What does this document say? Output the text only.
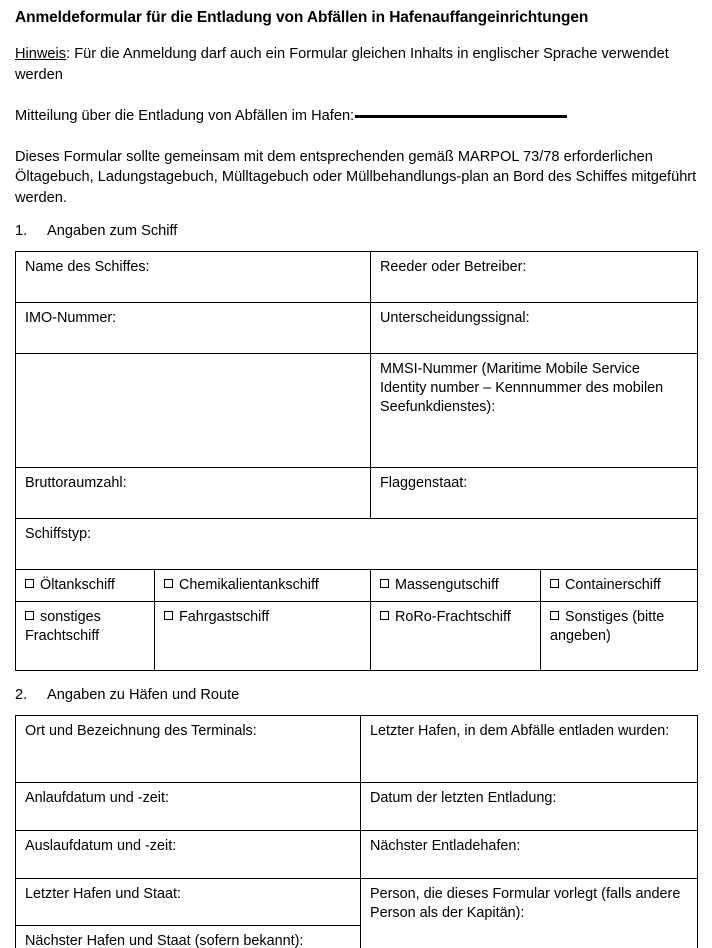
Anmeldeformular für die Entladung von Abfällen in Hafenauffangeinrichtungen

Hinweis: Für die Anmeldung darf auch ein Formular gleichen Inhalts in englischer Sprache verwendet werden

Mitteilung über die Entladung von Abfällen im Hafen:

Dieses Formular sollte gemeinsam mit dem entsprechenden gemäß MARPOL 73/78 erforderlichen Öltagebuch, Ladungstagebuch, Mülltagebuch oder Müllbehandlungs-plan an Bord des Schiffes mitgeführt werden.

1.	Angaben zum Schiff
Name des Schiffes:		Reeder oder Betreiber:	
IMO-Nummer:		Unterscheidungssignal:	
		MMSI-Nummer (Maritime Mobile Service Identity number – Kennnummer des mobilen Seefunkdienstes):	
Bruttoraumzahl:		Flaggenstaat:	
Schiffstyp:			
Öltankschiff	Chemikalientankschiff	Massengutschiff	Containerschiff
sonstiges Frachtschiff	Fahrgastschiff	RoRo-Frachtschiff	Sonstiges (bitte angeben)
2.	Angaben zu Häfen und Route
Ort und Bezeichnung des Terminals:	Letzter Hafen, in dem Abfälle entladen wurden:
Anlaufdatum und -zeit:	Datum der letzten Entladung:
Auslaufdatum und -zeit:	Nächster Entladehafen:
Letzter Hafen und Staat:	Person, die dieses Formular vorlegt (falls andere Person als der Kapitän):
Nächster Hafen und Staat (sofern bekannt):	
